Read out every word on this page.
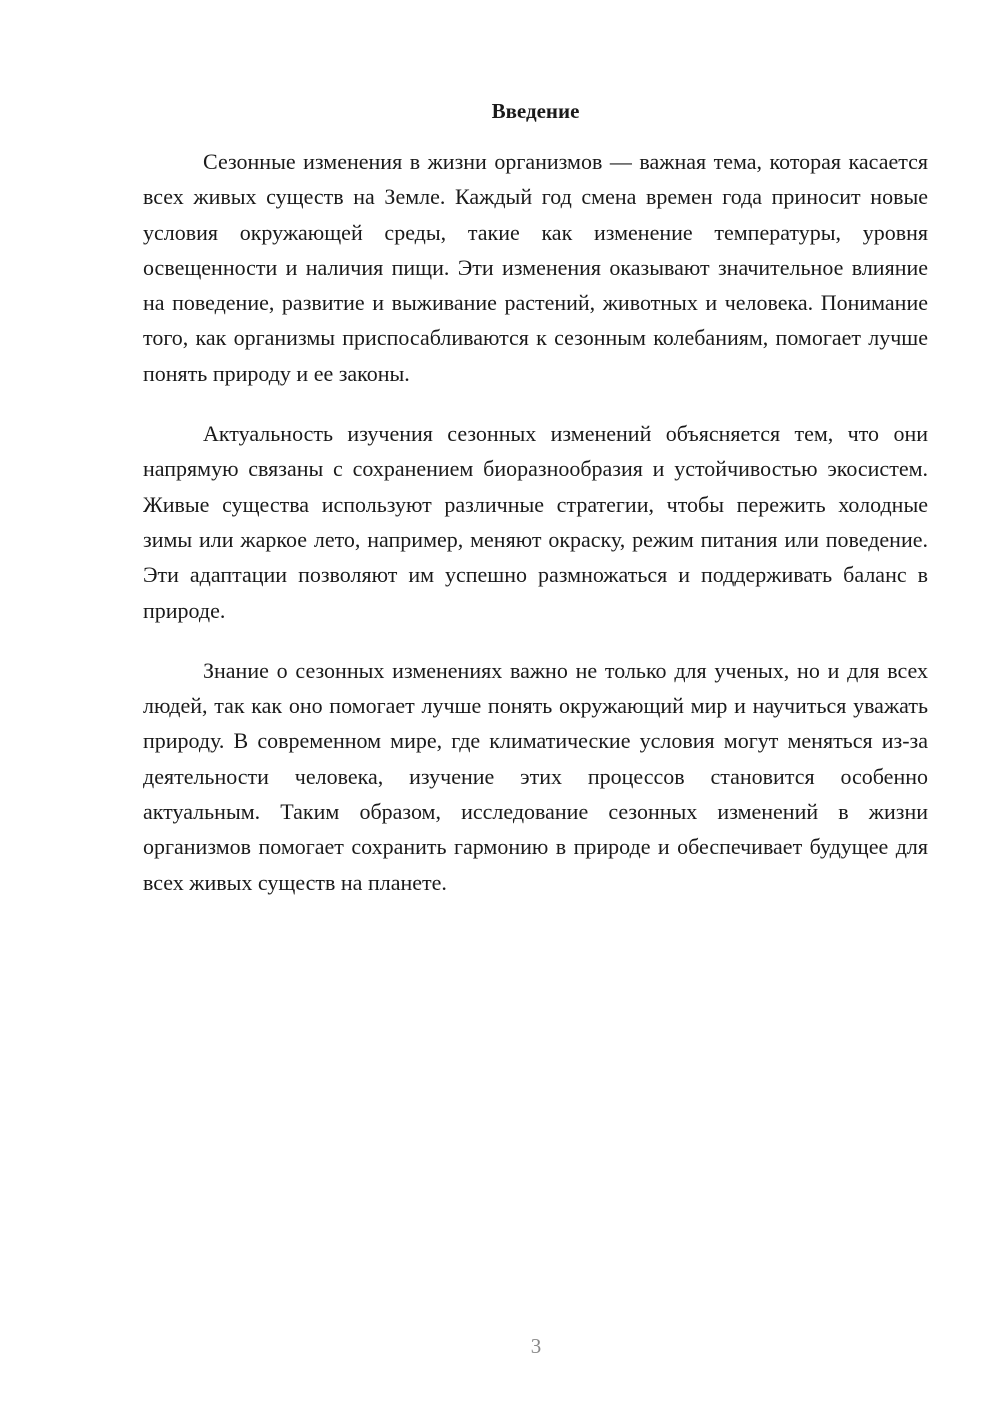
Введение

Сезонные изменения в жизни организмов — важная тема, которая касается всех живых существ на Земле. Каждый год смена времен года приносит новые условия окружающей среды, такие как изменение температуры, уровня освещенности и наличия пищи. Эти изменения оказывают значительное влияние на поведение, развитие и выживание растений, животных и человека. Понимание того, как организмы приспосабливаются к сезонным колебаниям, помогает лучше понять природу и ее законы.

Актуальность изучения сезонных изменений объясняется тем, что они напрямую связаны с сохранением биоразнообразия и устойчивостью экосистем. Живые существа используют различные стратегии, чтобы пережить холодные зимы или жаркое лето, например, меняют окраску, режим питания или поведение. Эти адаптации позволяют им успешно размножаться и поддерживать баланс в природе.

Знание о сезонных изменениях важно не только для ученых, но и для всех людей, так как оно помогает лучше понять окружающий мир и научиться уважать природу. В современном мире, где климатические условия могут меняться из-за деятельности человека, изучение этих процессов становится особенно актуальным. Таким образом, исследование сезонных изменений в жизни организмов помогает сохранить гармонию в природе и обеспечивает будущее для всех живых существ на планете.

3
